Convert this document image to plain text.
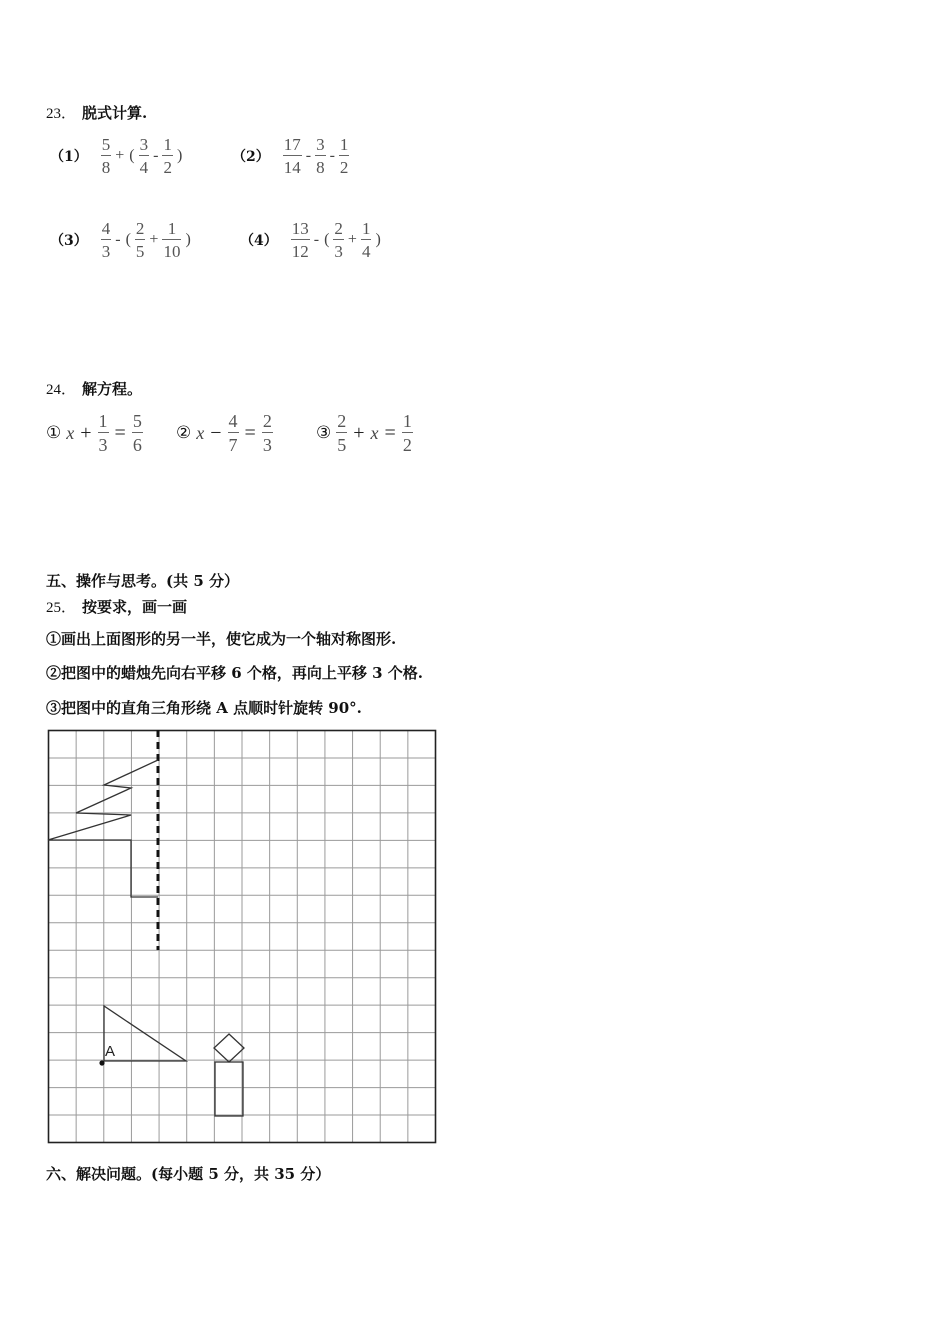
23． 脱式计算.
$(1) \frac{5}{8}$ + ( $\frac{3}{4} - \frac{1}{2}$ )	$(2) \frac{17}{14} - \frac{3}{8} - \frac{1}{2}$
$(3) \frac{4}{3}$ - ( $\frac{2}{5} + \frac{1}{10}$ )	$(4) \frac{13}{12}$ - ( $\frac{2}{3} + \frac{1}{4}$ )
24． 解方程。
① $x + \frac{1}{3} = \frac{5}{6}$ ② $x - \frac{4}{7} = \frac{2}{3}$	③ $\frac{2}{5} + x = \frac{1}{2}$
五、操作与思考。(共 5 分）
25． 按要求，画一画
①画出上面图形的另一半，使它成为一个轴对称图形.
②把图中的蜡烛先向右平移 6 个格，再向上平移 3 个格.
③把图中的直角三角形绕 A 点顺时针旋转 90°.
A
六、解决问题。(每小题 5 分，共 35 分）
